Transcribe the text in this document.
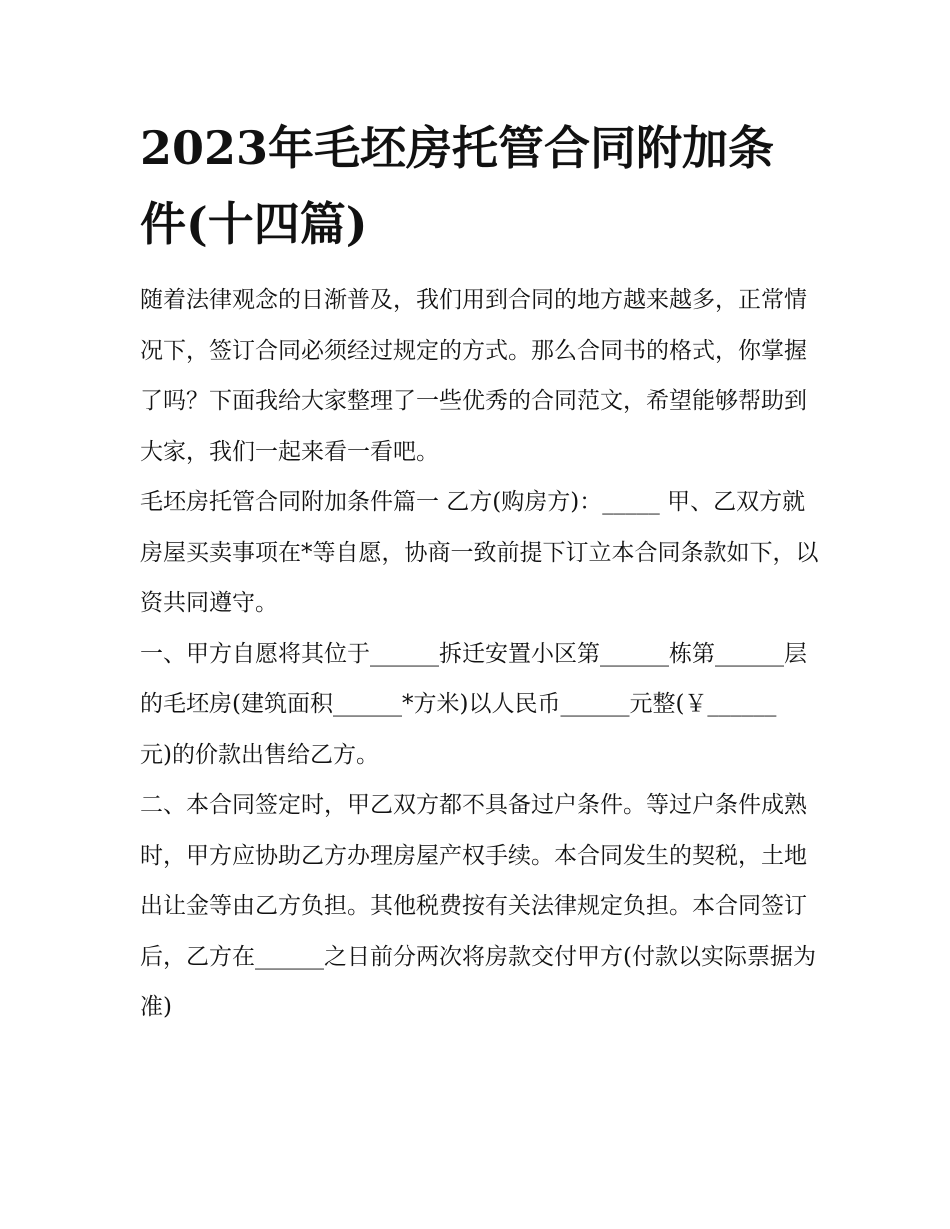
2023年毛坯房托管合同附加条件(十四篇)

随着法律观念的日渐普及，我们用到合同的地方越来越多，正常情况下，签订合同必须经过规定的方式。那么合同书的格式，你掌握了吗？下面我给大家整理了一些优秀的合同范文，希望能够帮助到大家，我们一起来看一看吧。

毛坯房托管合同附加条件篇一 乙方(购房方)：_____ 甲、乙双方就房屋买卖事项在*等自愿，协商一致前提下订立本合同条款如下，以资共同遵守。

一、甲方自愿将其位于______拆迁安置小区第______栋第______层的毛坯房(建筑面积______*方米)以人民币______元整(￥______

元)的价款出售给乙方。

二、本合同签定时，甲乙双方都不具备过户条件。等过户条件成熟时，甲方应协助乙方办理房屋产权手续。本合同发生的契税，土地出让金等由乙方负担。其他税费按有关法律规定负担。本合同签订后，乙方在______之日前分两次将房款交付甲方(付款以实际票据为准)
